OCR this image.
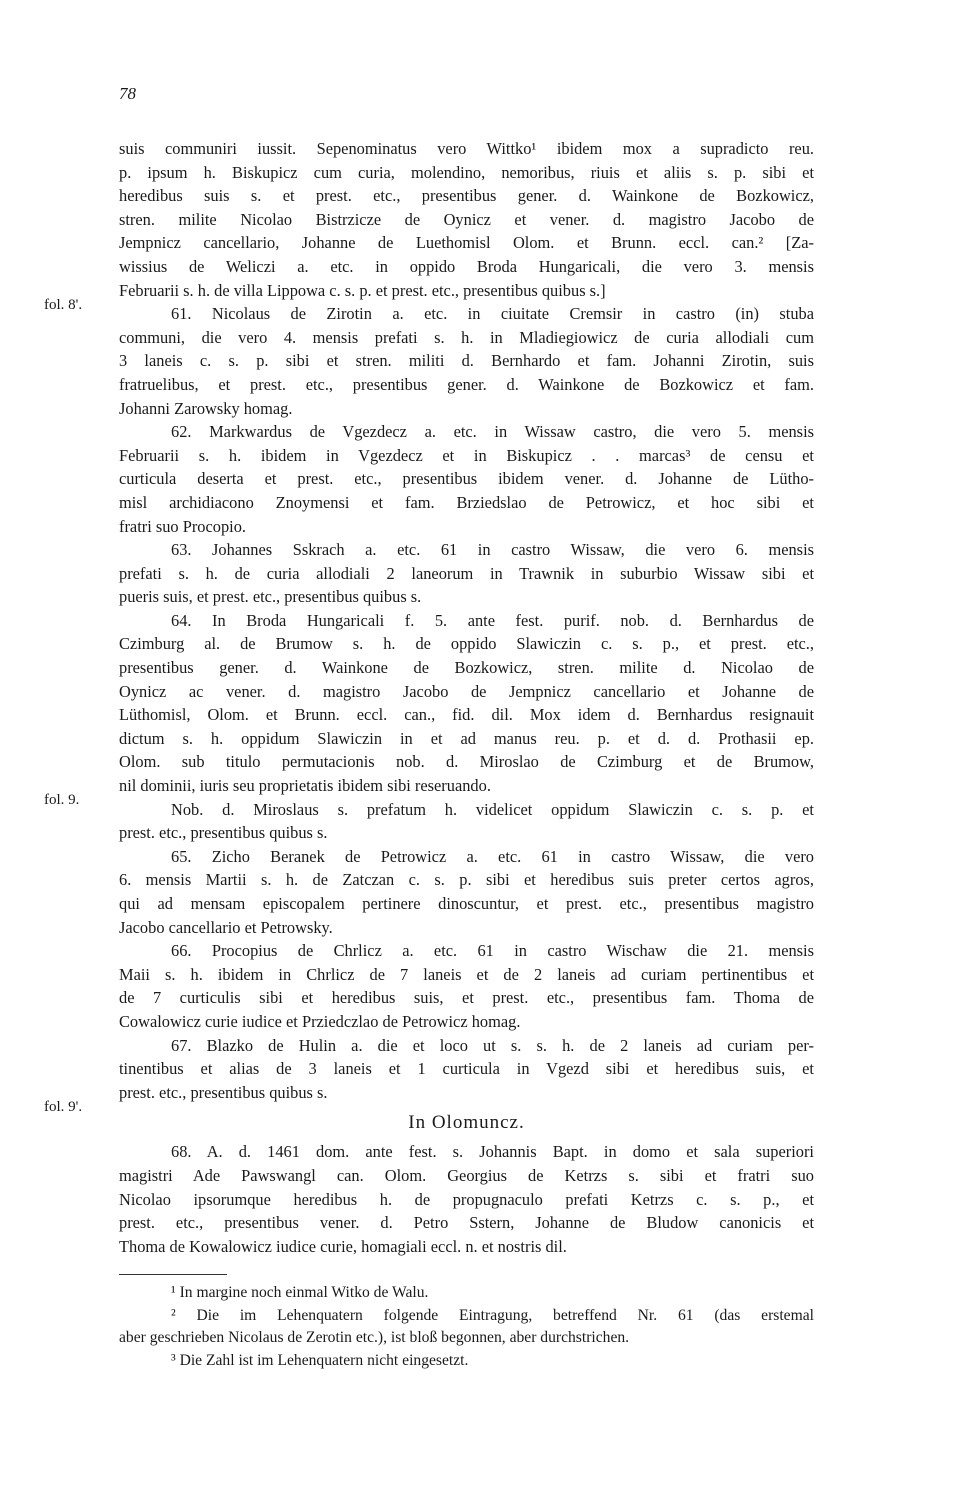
78
fol. 8'.
fol. 9.
fol. 9'.
suis communiri iussit. Sepenominatus vero Wittko¹ ibidem mox a supradicto reu.
p. ipsum h. Biskupicz cum curia, molendino, nemoribus, riuis et aliis s. p. sibi et
heredibus suis s. et prest. etc., presentibus gener. d. Wainkone de Bozkowicz,
stren. milite Nicolao Bistrzicze de Oynicz et vener. d. magistro Jacobo de
Jempnicz cancellario, Johanne de Luethomisl Olom. et Brunn. eccl. can.² [Za-
wissius de Weliczi a. etc. in oppido Broda Hungaricali, die vero 3. mensis
Februarii s. h. de villa Lippowa c. s. p. et prest. etc., presentibus quibus s.]
61. Nicolaus de Zirotin a. etc. in ciuitate Cremsir in castro (in) stuba
communi, die vero 4. mensis prefati s. h. in Mladiegiowicz de curia allodiali cum
3 laneis c. s. p. sibi et stren. militi d. Bernhardo et fam. Johanni Zirotin, suis
fratruelibus, et prest. etc., presentibus gener. d. Wainkone de Bozkowicz et fam.
Johanni Zarowsky homag.
62. Markwardus de Vgezdecz a. etc. in Wissaw castro, die vero 5. mensis
Februarii s. h. ibidem in Vgezdecz et in Biskupicz . . marcas³ de censu et
curticula deserta et prest. etc., presentibus ibidem vener. d. Johanne de Lütho-
misl archidiacono Znoymensi et fam. Brziedslao de Petrowicz, et hoc sibi et
fratri suo Procopio.
63. Johannes Sskrach a. etc. 61 in castro Wissaw, die vero 6. mensis
prefati s. h. de curia allodiali 2 laneorum in Trawnik in suburbio Wissaw sibi et
pueris suis, et prest. etc., presentibus quibus s.
64. In Broda Hungaricali f. 5. ante fest. purif. nob. d. Bernhardus de
Czimburg al. de Brumow s. h. de oppido Slawiczin c. s. p., et prest. etc.,
presentibus gener. d. Wainkone de Bozkowicz, stren. milite d. Nicolao de
Oynicz ac vener. d. magistro Jacobo de Jempnicz cancellario et Johanne de
Lüthomisl, Olom. et Brunn. eccl. can., fid. dil. Mox idem d. Bernhardus resignauit
dictum s. h. oppidum Slawiczin in et ad manus reu. p. et d. d. Prothasii ep.
Olom. sub titulo permutacionis nob. d. Miroslao de Czimburg et de Brumow,
nil dominii, iuris seu proprietatis ibidem sibi reseruando.
Nob. d. Miroslaus s. prefatum h. videlicet oppidum Slawiczin c. s. p. et
prest. etc., presentibus quibus s.
65. Zicho Beranek de Petrowicz a. etc. 61 in castro Wissaw, die vero
6. mensis Martii s. h. de Zatczan c. s. p. sibi et heredibus suis preter certos agros,
qui ad mensam episcopalem pertinere dinoscuntur, et prest. etc., presentibus magistro
Jacobo cancellario et Petrowsky.
66. Procopius de Chrlicz a. etc. 61 in castro Wischaw die 21. mensis
Maii s. h. ibidem in Chrlicz de 7 laneis et de 2 laneis ad curiam pertinentibus et
de 7 curticulis sibi et heredibus suis, et prest. etc., presentibus fam. Thoma de
Cowalowicz curie iudice et Prziedczlao de Petrowicz homag.
67. Blazko de Hulin a. die et loco ut s. s. h. de 2 laneis ad curiam per-
tinentibus et alias de 3 laneis et 1 curticula in Vgezd sibi et heredibus suis, et
prest. etc., presentibus quibus s.
In Olomuncz.
68. A. d. 1461 dom. ante fest. s. Johannis Bapt. in domo et sala superiori
magistri Ade Pawswangl can. Olom. Georgius de Ketrzs s. sibi et fratri suo
Nicolao ipsorumque heredibus h. de propugnaculo prefati Ketrzs c. s. p., et
prest. etc., presentibus vener. d. Petro Sstern, Johanne de Bludow canonicis et
Thoma de Kowalowicz iudice curie, homagiali eccl. n. et nostris dil.
¹ In margine noch einmal Witko de Walu.
² Die im Lehenquatern folgende Eintragung, betreffend Nr. 61 (das erstemal
aber geschrieben Nicolaus de Zerotin etc.), ist bloß begonnen, aber durchstrichen.
³ Die Zahl ist im Lehenquatern nicht eingesetzt.
